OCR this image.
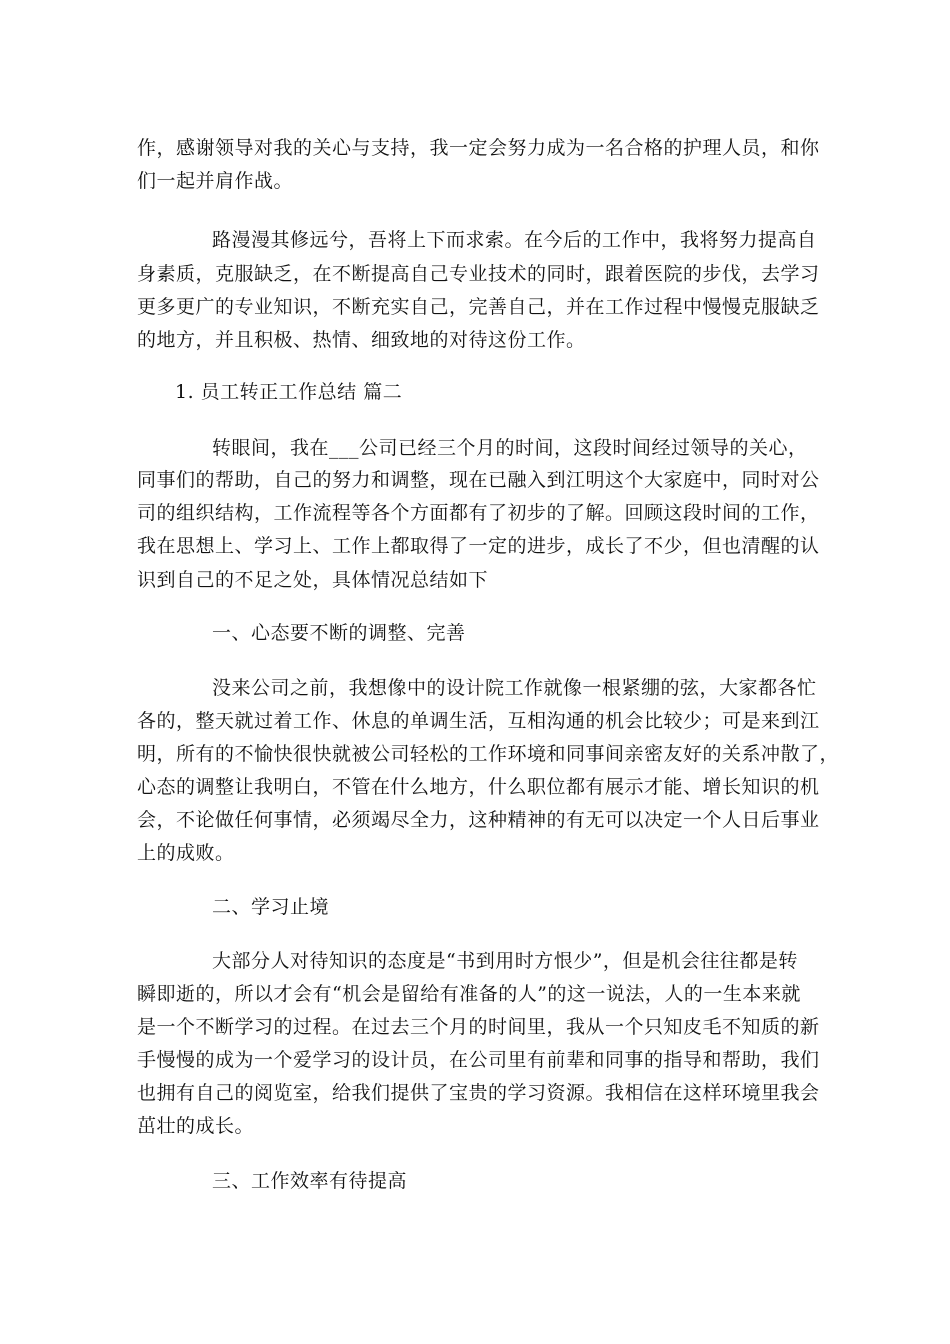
作，感谢领导对我的关心与支持，我一定会努力成为一名合格的护理人员，和你
们一起并肩作战。
路漫漫其修远兮，吾将上下而求索。在今后的工作中，我将努力提高自
身素质，克服缺乏，在不断提高自己专业技术的同时，跟着医院的步伐，去学习
更多更广的专业知识，不断充实自己，完善自己，并在工作过程中慢慢克服缺乏
的地方，并且积极、热情、细致地的对待这份工作。
1. 员工转正工作总结 篇二
转眼间，我在___公司已经三个月的时间，这段时间经过领导的关心，
同事们的帮助，自己的努力和调整，现在已融入到江明这个大家庭中，同时对公
司的组织结构，工作流程等各个方面都有了初步的了解。回顾这段时间的工作，
我在思想上、学习上、工作上都取得了一定的进步，成长了不少，但也清醒的认
识到自己的不足之处，具体情况总结如下
一、心态要不断的调整、完善
没来公司之前，我想像中的设计院工作就像一根紧绷的弦，大家都各忙
各的，整天就过着工作、休息的单调生活，互相沟通的机会比较少；可是来到江
明，所有的不愉快很快就被公司轻松的工作环境和同事间亲密友好的关系冲散了，
心态的调整让我明白，不管在什么地方，什么职位都有展示才能、增长知识的机
会，不论做任何事情，必须竭尽全力，这种精神的有无可以决定一个人日后事业
上的成败。
二、学习止境
大部分人对待知识的态度是“书到用时方恨少”，但是机会往往都是转
瞬即逝的，所以才会有“机会是留给有准备的人”的这一说法，人的一生本来就
是一个不断学习的过程。在过去三个月的时间里，我从一个只知皮毛不知质的新
手慢慢的成为一个爱学习的设计员，在公司里有前辈和同事的指导和帮助，我们
也拥有自己的阅览室，给我们提供了宝贵的学习资源。我相信在这样环境里我会
茁壮的成长。
三、工作效率有待提高
